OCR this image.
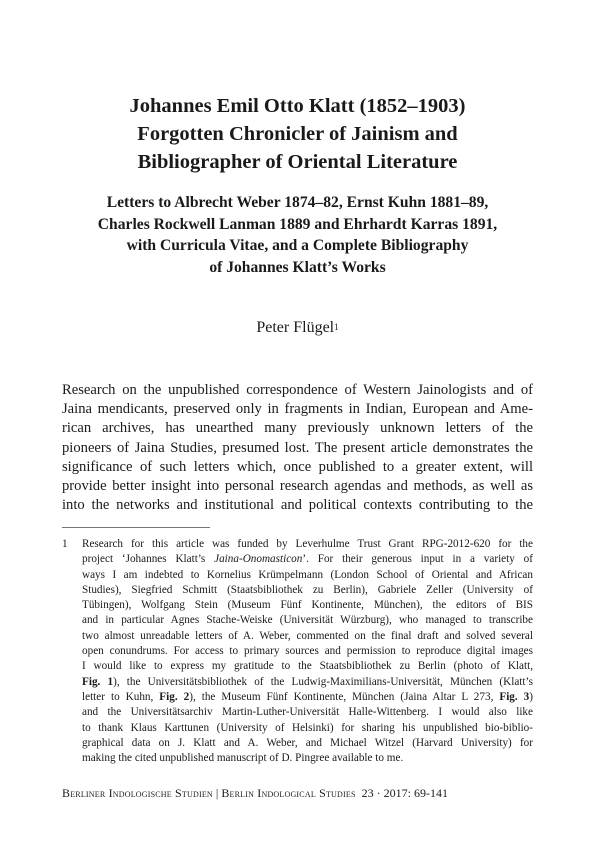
Johannes Emil Otto Klatt (1852–1903)
Forgotten Chronicler of Jainism and
Bibliographer of Oriental Literature
Letters to Albrecht Weber 1874–82, Ernst Kuhn 1881–89,
Charles Rockwell Lanman 1889 and Ehrhardt Karras 1891,
with Curricula Vitae, and a Complete Bibliography
of Johannes Klatt’s Works
Peter Flügel$^1$
Research on the unpublished correspondence of Western Jainologists and of
Jaina mendicants, preserved only in fragments in Indian, European and Ame-
rican archives, has unearthed many previously unknown letters of the
pioneers of Jaina Studies, presumed lost. The present article demonstrates the
significance of such letters which, once published to a greater extent, will
provide better insight into personal research agendas and methods, as well as
into the networks and institutional and political contexts contributing to the
1 Research for this article was funded by Leverhulme Trust Grant RPG-2012-620 for the
project ‘Johannes Klatt’s Jaina-Onomasticon’. For their generous input in a variety of
ways I am indebted to Kornelius Krümpelmann (London School of Oriental and African
Studies), Siegfried Schmitt (Staatsbibliothek zu Berlin), Gabriele Zeller (University of
Tübingen), Wolfgang Stein (Museum Fünf Kontinente, München), the editors of BIS
and in particular Agnes Stache-Weiske (Universität Würzburg), who managed to transcribe
two almost unreadable letters of A. Weber, commented on the final draft and solved several
open conundrums. For access to primary sources and permission to reproduce digital images
I would like to express my gratitude to the Staatsbibliothek zu Berlin (photo of Klatt,
Fig. 1), the Universitätsbibliothek of the Ludwig-Maximilians-Universität, München (Klatt’s
letter to Kuhn, Fig. 2), the Museum Fünf Kontinente, München (Jaina Altar L 273, Fig. 3)
and the Universitätsarchiv Martin-Luther-Universität Halle-Wittenberg. I would also like
to thank Klaus Karttunen (University of Helsinki) for sharing his unpublished bio-biblio-
graphical data on J. Klatt and A. Weber, and Michael Witzel (Harvard University) for
making the cited unpublished manuscript of D. Pingree available to me.
Berliner Indologische Studien | Berlin Indological Studies 23 · 2017: 69-141
